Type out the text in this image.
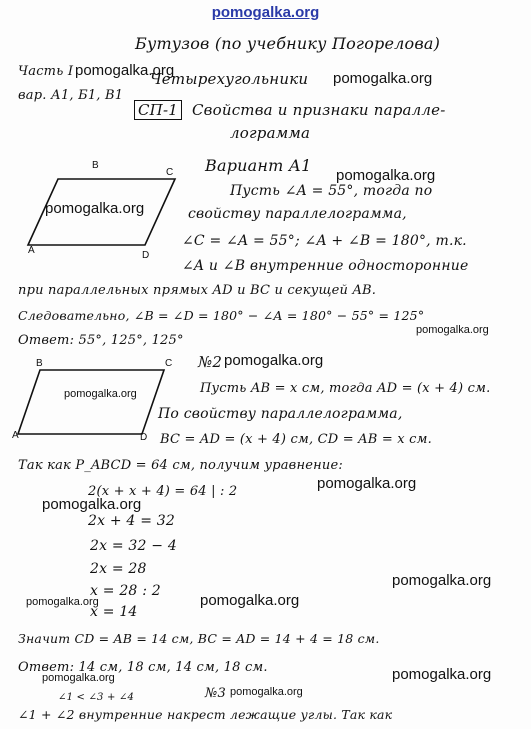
pomogalka.org
Бутузов (по учебнику Погорелова)
Часть I
вар. А1, Б1, В1
Четырехугольники
СП-1 Свойства и признаки паралле-
лограмма
Вариант А1
B
C
A	D
Пусть ∠A = 55°, тогда по
свойству параллелограмма,
∠C = ∠A = 55°; ∠A + ∠B = 180°, т.к.
∠A и ∠B внутренние односторонние
при параллельных прямых AD и BC и секущей AB.
Следовательно, ∠B = ∠D = 180° − ∠A = 180° − 55° = 125°
Ответ: 55°, 125°, 125°
№2
B	C
A	D
Пусть AB = x см, тогда AD = (x + 4) см.
По свойству параллелограмма,
BC = AD = (x + 4) см, CD = AB = x см.
Так как P_ABCD = 64 см, получим уравнение:
2(x + x + 4) = 64 | : 2
2x + 4 = 32
2x = 32 − 4
2x = 28
x = 28 : 2
x = 14
Значит CD = AB = 14 см, BC = AD = 14 + 4 = 18 см.
Ответ: 14 см, 18 см, 14 см, 18 см.
∠1 < ∠3 + ∠4	№3
∠1 + ∠2 внутренние накрест лежащие углы. Так как
pomogalka.org	pomogalka.org
pomogalka.org
pomogalka.org
pomogalka.org
pomogalka.org
pomogalka.org
pomogalka.org
pomogalka.org
pomogalka.org
pomogalka.org	pomogalka.org
pomogalka.org
pomogalka.org
pomogalka.org
